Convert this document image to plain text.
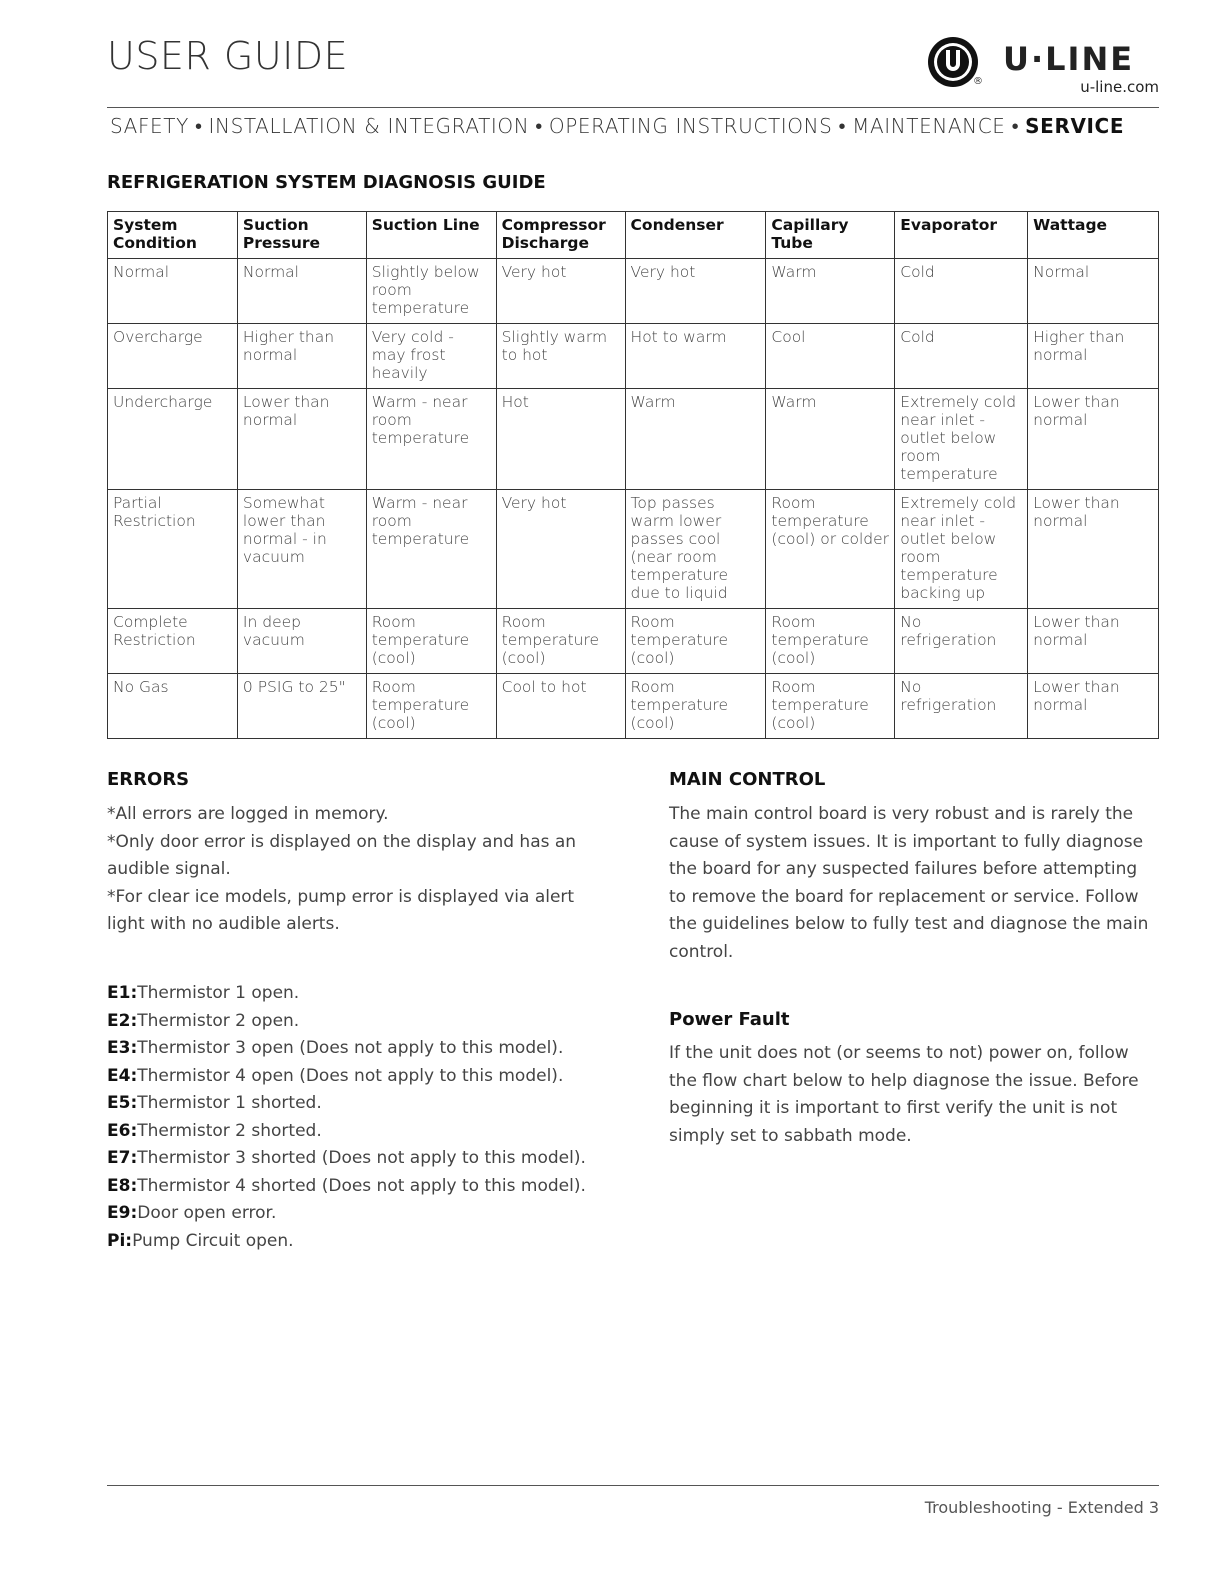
USER GUIDE
®
U·LINE
u-line.com
SAFETY • INSTALLATION & INTEGRATION • OPERATING INSTRUCTIONS • MAINTENANCE • SERVICE
REFRIGERATION SYSTEM DIAGNOSIS GUIDE
System Condition	Suction Pressure	Suction Line	Compressor Discharge	Condenser	Capillary Tube	Evaporator	Wattage
Normal	Normal	Slightly below room temperature	Very hot	Very hot	Warm	Cold	Normal
Overcharge	Higher than normal	Very cold - may frost heavily	Slightly warm to hot	Hot to warm	Cool	Cold	Higher than normal
Undercharge	Lower than normal	Warm - near room temperature	Hot	Warm	Warm	Extremely cold near inlet - outlet below room temperature	Lower than normal
Partial Restriction	Somewhat lower than normal - in vacuum	Warm - near room temperature	Very hot	Top passes warm lower passes cool (near room temperature due to liquid	Room temperature (cool) or colder	Extremely cold near inlet - outlet below room temperature backing up	Lower than normal
Complete Restriction	In deep vacuum	Room temperature (cool)	Room temperature (cool)	Room temperature (cool)	Room temperature (cool)	No refrigeration	Lower than normal
No Gas	0 PSIG to 25"	Room temperature (cool)	Cool to hot	Room temperature (cool)	Room temperature (cool)	No refrigeration	Lower than normal
ERRORS

*All errors are logged in memory.

*Only door error is displayed on the display and has an audible signal.

*For clear ice models, pump error is displayed via alert light with no audible alerts.

E1:Thermistor 1 open.

E2:Thermistor 2 open.

E3:Thermistor 3 open (Does not apply to this model).

E4:Thermistor 4 open (Does not apply to this model).

E5:Thermistor 1 shorted.

E6:Thermistor 2 shorted.

E7:Thermistor 3 shorted (Does not apply to this model).

E8:Thermistor 4 shorted (Does not apply to this model).

E9:Door open error.

Pi:Pump Circuit open.

MAIN CONTROL

The main control board is very robust and is rarely the cause of system issues. It is important to fully diagnose the board for any suspected failures before attempting to remove the board for replacement or service. Follow the guidelines below to fully test and diagnose the main control.

Power Fault

If the unit does not (or seems to not) power on, follow the flow chart below to help diagnose the issue. Before beginning it is important to first verify the unit is not simply set to sabbath mode.

Troubleshooting - Extended 3
